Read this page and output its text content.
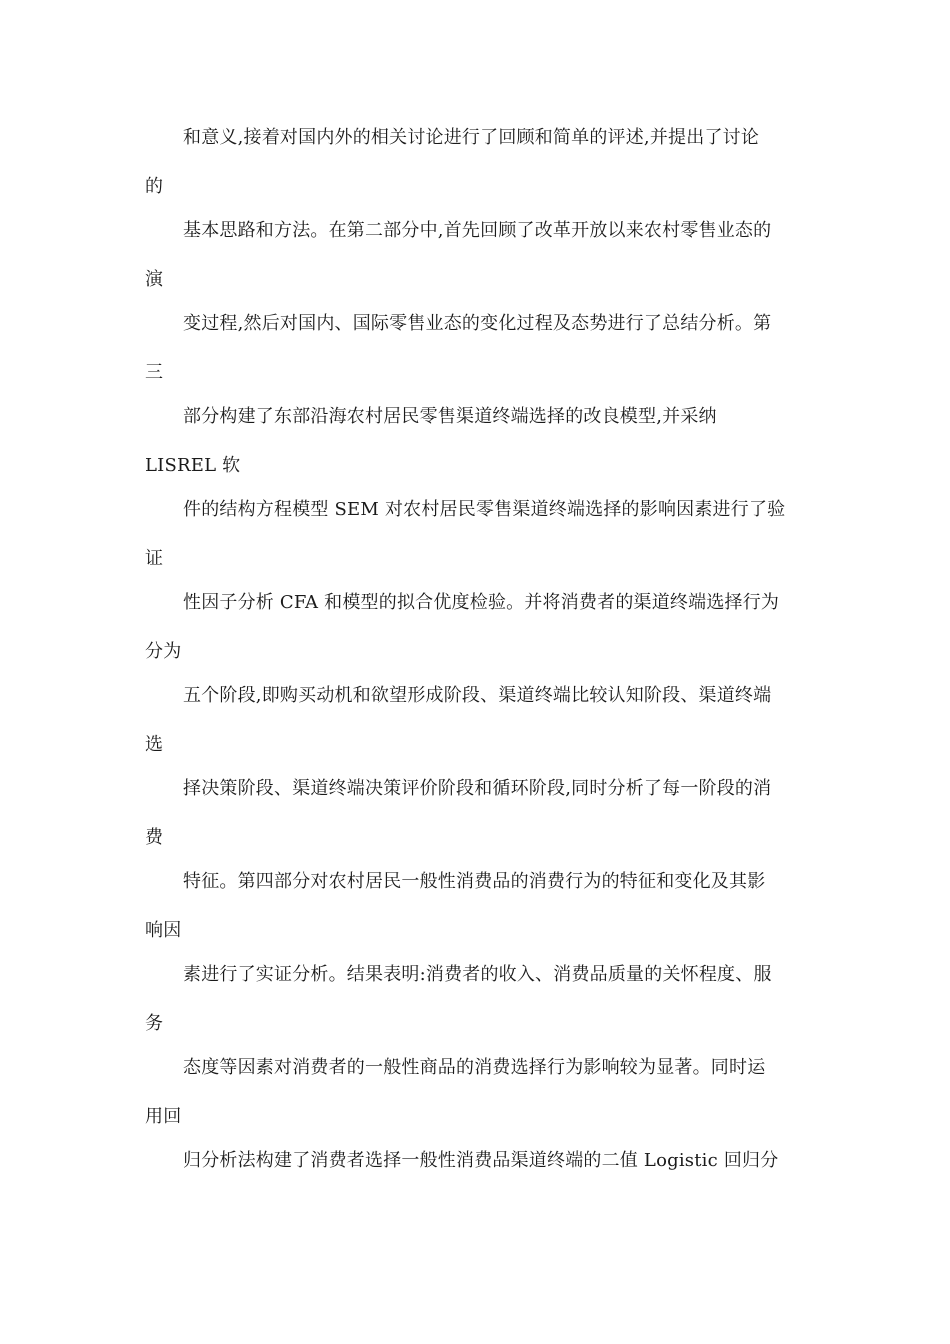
和意义,接着对国内外的相关讨论进行了回顾和简单的评述,并提出了讨论
的
基本思路和方法。在第二部分中,首先回顾了改革开放以来农村零售业态的
演
变过程,然后对国内、国际零售业态的变化过程及态势进行了总结分析。第
三
部分构建了东部沿海农村居民零售渠道终端选择的改良模型,并采纳
LISREL 软
件的结构方程模型 SEM 对农村居民零售渠道终端选择的影响因素进行了验
证
性因子分析 CFA 和模型的拟合优度检验。并将消费者的渠道终端选择行为
分为
五个阶段,即购买动机和欲望形成阶段、渠道终端比较认知阶段、渠道终端
选
择决策阶段、渠道终端决策评价阶段和循环阶段,同时分析了每一阶段的消
费
特征。第四部分对农村居民一般性消费品的消费行为的特征和变化及其影
响因
素进行了实证分析。结果表明:消费者的收入、消费品质量的关怀程度、服
务
态度等因素对消费者的一般性商品的消费选择行为影响较为显著。同时运
用回
归分析法构建了消费者选择一般性消费品渠道终端的二值 Logistic 回归分
